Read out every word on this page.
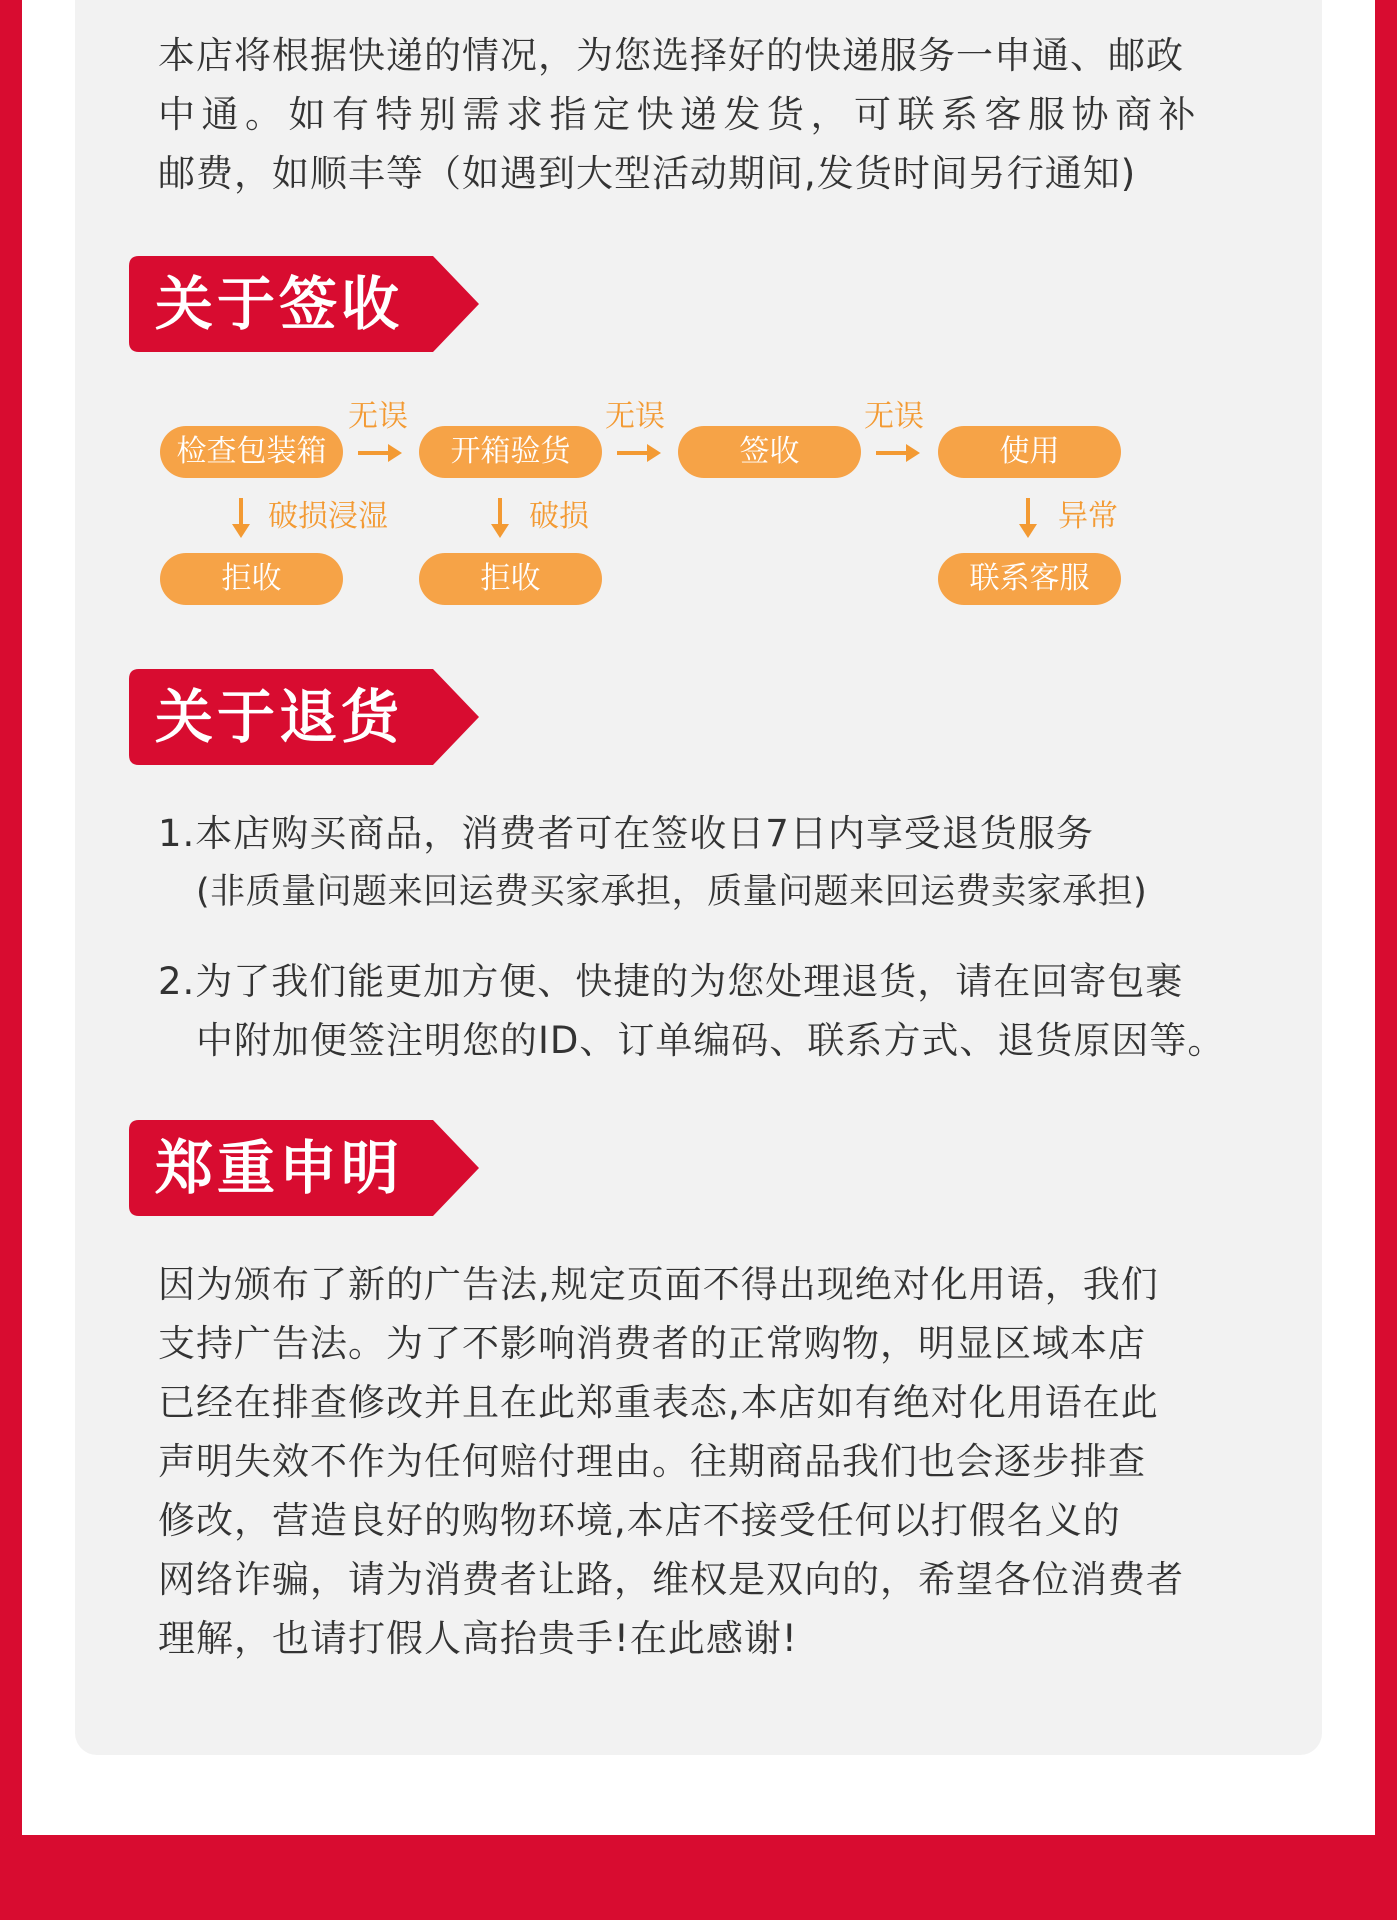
本店将根据快递的情况，为您选择好的快递服务一申通、邮政

中通。如有特别需求指定快递发货，可联系客服协商补

邮费，如顺丰等（如遇到大型活动期间,发货时间另行通知)

关于签收
检查包装箱	开箱验货	签收	使用
无误	无误	无误
破损浸湿	破损	异常
拒收	拒收	联系客服
关于退货

1.本店购买商品，消费者可在签收日7日内享受退货服务

(非质量问题来回运费买家承担，质量问题来回运费卖家承担)

2.为了我们能更加方便、快捷的为您处理退货，请在回寄包裹

中附加便签注明您的ID、订单编码、联系方式、退货原因等。

郑重申明

因为颁布了新的广告法,规定页面不得出现绝对化用语，我们

支持广告法。为了不影响消费者的正常购物，明显区域本店

已经在排查修改并且在此郑重表态,本店如有绝对化用语在此

声明失效不作为任何赔付理由。往期商品我们也会逐步排查

修改，营造良好的购物环境,本店不接受任何以打假名义的

网络诈骗，请为消费者让路，维权是双向的，希望各位消费者

理解，也请打假人高抬贵手!在此感谢!
